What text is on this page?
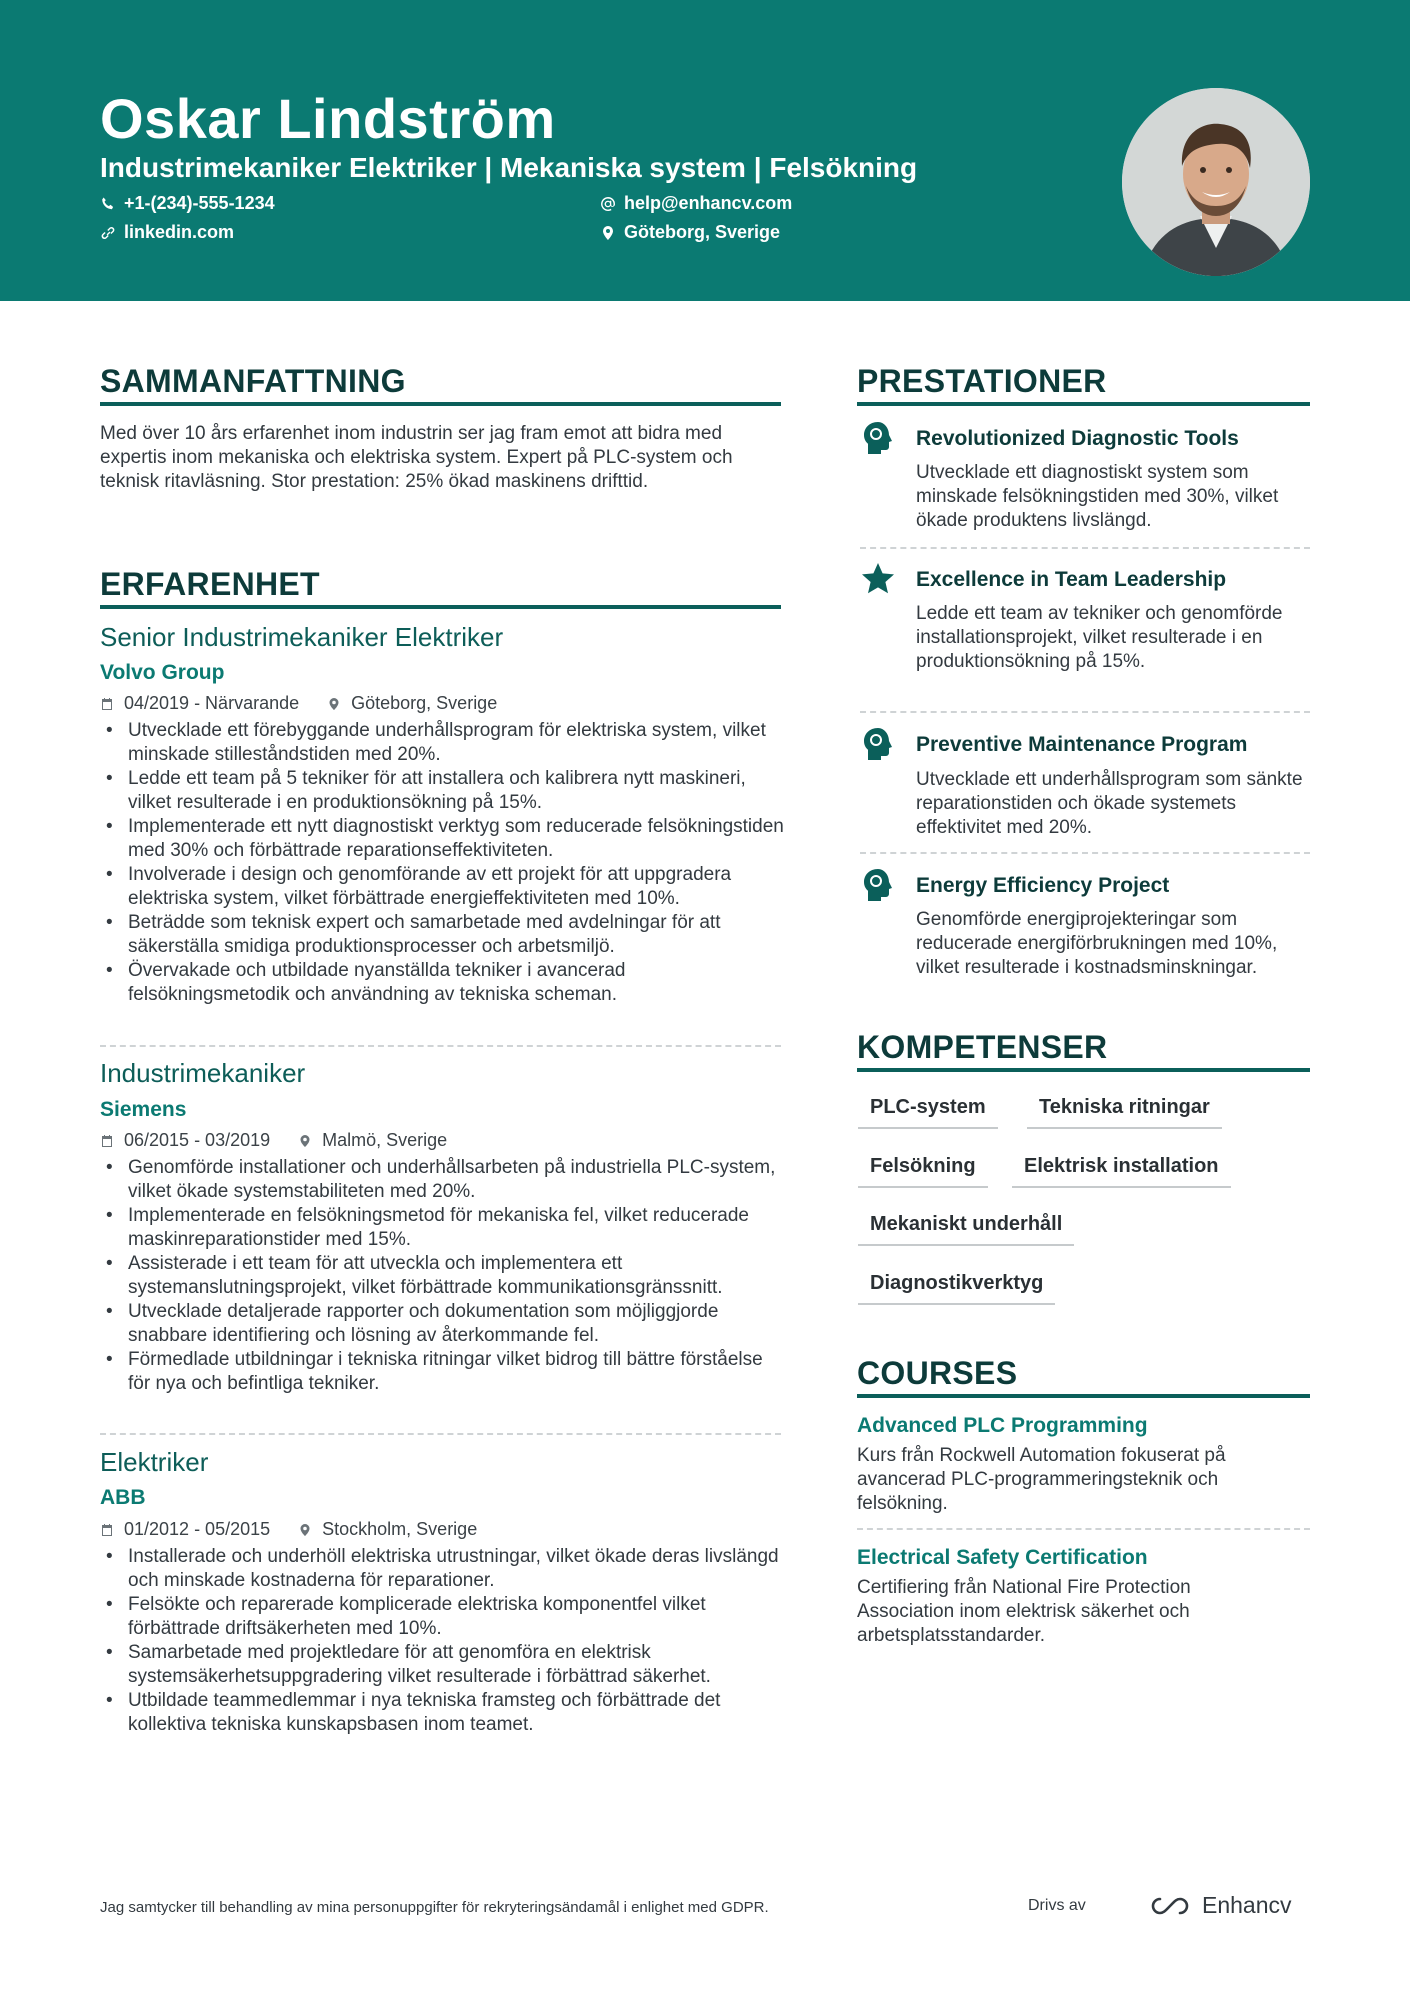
Oskar Lindström
Industrimekaniker Elektriker | Mekaniska system | Felsökning
+1-(234)-555-1234	help@enhancv.com
linkedin.com	Göteborg, Sverige
SAMMANFATTNING

Med över 10 års erfarenhet inom industrin ser jag fram emot att bidra med expertis inom mekaniska och elektriska system. Expert på PLC-system och teknisk ritavläsning. Stor prestation: 25% ökad maskinens drifttid.

ERFARENHET
Senior Industrimekaniker Elektriker
Volvo Group
04/2019 - Närvarande	Göteborg, Sverige
• Utvecklade ett förebyggande underhållsprogram för elektriska system, vilket minskade stilleståndstiden med 20%.
• Ledde ett team på 5 tekniker för att installera och kalibrera nytt maskineri, vilket resulterade i en produktionsökning på 15%.
• Implementerade ett nytt diagnostiskt verktyg som reducerade felsökningstiden med 30% och förbättrade reparationseffektiviteten.
• Involverade i design och genomförande av ett projekt för att uppgradera elektriska system, vilket förbättrade energieffektiviteten med 10%.
• Beträdde som teknisk expert och samarbetade med avdelningar för att säkerställa smidiga produktionsprocesser och arbetsmiljö.
• Övervakade och utbildade nyanställda tekniker i avancerad felsökningsmetodik och användning av tekniska scheman.
Industrimekaniker
Siemens
06/2015 - 03/2019	Malmö, Sverige
• Genomförde installationer och underhållsarbeten på industriella PLC-system, vilket ökade systemstabiliteten med 20%.
• Implementerade en felsökningsmetod för mekaniska fel, vilket reducerade maskinreparationstider med 15%.
• Assisterade i ett team för att utveckla och implementera ett systemanslutningsprojekt, vilket förbättrade kommunikationsgränssnitt.
• Utvecklade detaljerade rapporter och dokumentation som möjliggjorde snabbare identifiering och lösning av återkommande fel.
• Förmedlade utbildningar i tekniska ritningar vilket bidrog till bättre förståelse för nya och befintliga tekniker.
Elektriker
ABB
01/2012 - 05/2015	Stockholm, Sverige
• Installerade och underhöll elektriska utrustningar, vilket ökade deras livslängd och minskade kostnaderna för reparationer.
• Felsökte och reparerade komplicerade elektriska komponentfel vilket förbättrade driftsäkerheten med 10%.
• Samarbetade med projektledare för att genomföra en elektrisk systemsäkerhetsuppgradering vilket resulterade i förbättrad säkerhet.
• Utbildade teammedlemmar i nya tekniska framsteg och förbättrade det kollektiva tekniska kunskapsbasen inom teamet.
PRESTATIONER
Revolutionized Diagnostic Tools

Utvecklade ett diagnostiskt system som minskade felsökningstiden med 30%, vilket ökade produktens livslängd.

Excellence in Team Leadership

Ledde ett team av tekniker och genomförde installationsprojekt, vilket resulterade i en produktionsökning på 15%.

Preventive Maintenance Program

Utvecklade ett underhållsprogram som sänkte reparationstiden och ökade systemets effektivitet med 20%.

Energy Efficiency Project

Genomförde energiprojekteringar som reducerade energiförbrukningen med 10%, vilket resulterade i kostnadsminskningar.

KOMPETENSER
PLC-system	Tekniska ritningar
Felsökning	Elektrisk installation
Mekaniskt underhåll
Diagnostikverktyg
COURSES
Advanced PLC Programming

Kurs från Rockwell Automation fokuserat på avancerad PLC-programmeringsteknik och felsökning.

Electrical Safety Certification

Certifiering från National Fire Protection Association inom elektrisk säkerhet och arbetsplatsstandarder.

Jag samtycker till behandling av mina personuppgifter för rekryteringsändamål i enlighet med GDPR.	Drivs av	Enhancv
